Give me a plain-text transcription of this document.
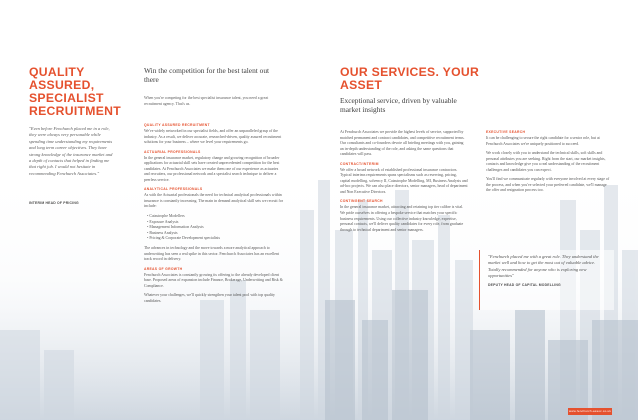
QUALITY ASSURED, SPECIALIST RECRUITMENT
"Even before Fenchurch placed me in a role, they were always very personable while spending time understanding my requirements and long term career objectives. They have strong knowledge of the insurance market and a depth of contacts that helped in finding me that right job. I would not hesitate in recommending Fenchurch Associates."
INTERIM HEAD OF PRICING
Win the competition for the best talent out there
When you're competing for the best specialist insurance talent, you need a great recruitment agency. That's us.
QUALITY ASSURED RECRUITMENT

We've widely networked in our specialist fields, and offer an unparalleled grasp of the industry. As a result, we deliver accurate, researched-driven, quality assured recruitment solutions for your business – where we level your requirements go.

ACTUARIAL PROFESSIONALS

In the general insurance market, regulatory change and growing recognition of broader applications for actuarial skill sets have created unprecedented competition for the best candidates. At Fenchurch Associates we make them one of our experience as actuaries and recruiters, our professional network and a specialist search technique to deliver a peerless service.

ANALYTICAL PROFESSIONALS

As with the Actuarial professionals the need for technical analytical professionals within insurance is constantly increasing. The main in demand analytical skill sets we recruit for include:

• Catastrophe Modellers
• Exposure Analysts
• Management Information Analysts
• Business Analysts
• Pricing & Corporate Development specialists

The advances in technology and the move towards a more analytical approach to underwriting has seen a real spike in this sector. Fenchurch Associates has an excellent track record in delivery.

AREAS OF GROWTH

Fenchurch Associates is constantly growing its offering to the already developed client base. Proposed areas of expansion include Finance, Brokerage, Underwriting and Risk & Compliance.

Whatever your challenges, we'll quickly strengthen your talent pool with top quality candidates.

OUR SERVICES. YOUR ASSET
Exceptional service, driven by valuable market insights

At Fenchurch Associates we provide the highest levels of service, supported by matched permanent and contract candidates, and competitive recruitment terms. Our consultants and co-founders devote all briefing meetings with you, gaining an in-depth understanding of the role, and asking the same questions that candidates will pass.

CONTRACT/INTERIM

We offer a broad network of established professional insurance contractors. Typical interims requirements spans specialisms such as reserving, pricing, capital modelling, solvency II, Catastrophe Modelling, MI, Business Analysts and ad-hoc projects. We can also place directors, senior managers, head of department and Non Executive Directors.

CONTINGENT SEARCH

In the general insurance market, attracting and retaining top tier calibre is vital. We pride ourselves in offering a bespoke service that matches your specific business requirements. Using our collective industry knowledge, expertise, personal contacts, we'll deliver quality candidates for every role, from graduate through to technical department and senior managers.

EXECUTIVE SEARCH

It can be challenging to secure the right candidate for a senior role, but at Fenchurch Associates we're uniquely positioned to succeed.

We work closely with you to understand the technical skills, soft skills and personal attributes you are seeking. Right from the start, our market insights, contacts and knowledge give you a real understanding of the recruitment challenges and candidates you can expect.

You'll find we communicate regularly with everyone involved at every stage of the process, and when you've selected your preferred candidate, we'll manage the offer and resignation process too.

"Fenchurch placed me with a great role. They understand the market well and how to get the most out of valuable advice. Totally recommended for anyone who is exploring new opportunities"

DEPUTY HEAD OF CAPITAL MODELLING
www.fenchurch-assoc.co.uk
